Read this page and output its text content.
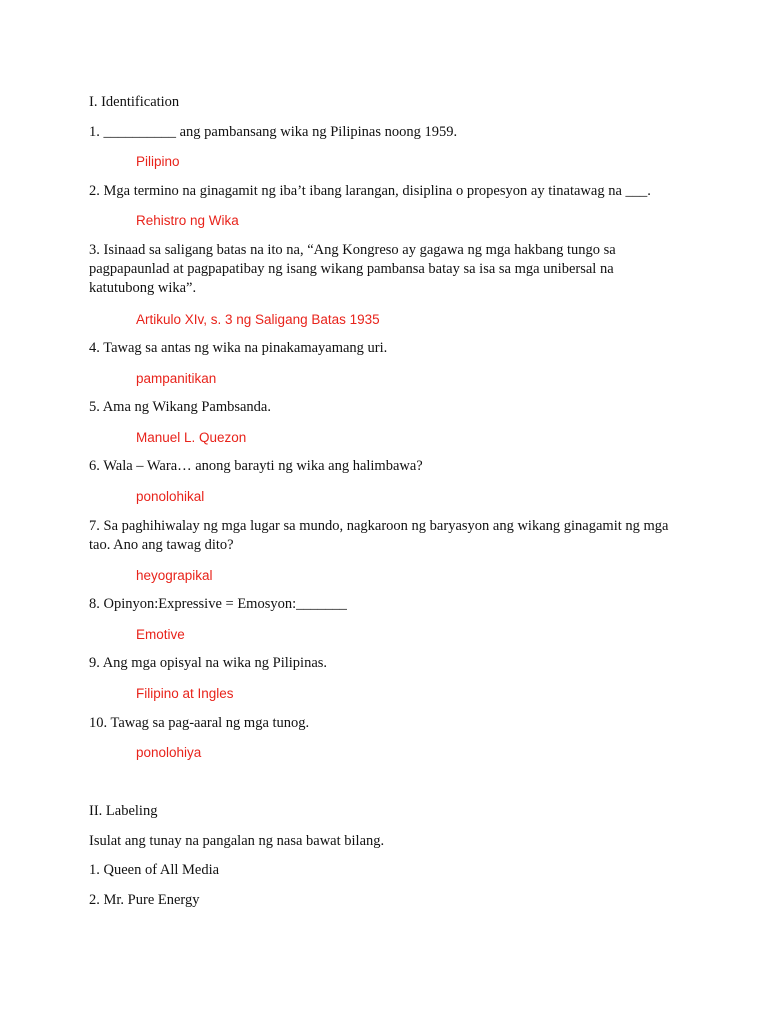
I. Identification
1. __________ ang pambansang wika ng Pilipinas noong 1959.
Pilipino
2. Mga termino na ginagamit ng iba’t ibang larangan, disiplina o propesyon ay tinatawag na ___.
Rehistro ng Wika
3. Isinaad sa saligang batas na ito na, “Ang Kongreso ay gagawa ng mga hakbang tungo sa pagpapaunlad at pagpapatibay ng isang wikang pambansa batay sa isa sa mga unibersal na katutubong wika”.
Artikulo XIv, s. 3 ng Saligang Batas 1935
4. Tawag sa antas ng wika na pinakamayamang uri.
pampanitikan
5. Ama ng Wikang Pambsanda.
Manuel L. Quezon
6. Wala – Wara… anong barayti ng wika ang halimbawa?
ponolohikal
7. Sa paghihiwalay ng mga lugar sa mundo, nagkaroon ng baryasyon ang wikang ginagamit ng mga tao. Ano ang tawag dito?
heyograpikal
8. Opinyon:Expressive = Emosyon:_______
Emotive
9. Ang mga opisyal na wika ng Pilipinas.
Filipino at Ingles
10. Tawag sa pag-aaral ng mga tunog.
ponolohiya
II. Labeling
Isulat ang tunay na pangalan ng nasa bawat bilang.
1. Queen of All Media
2. Mr. Pure Energy
